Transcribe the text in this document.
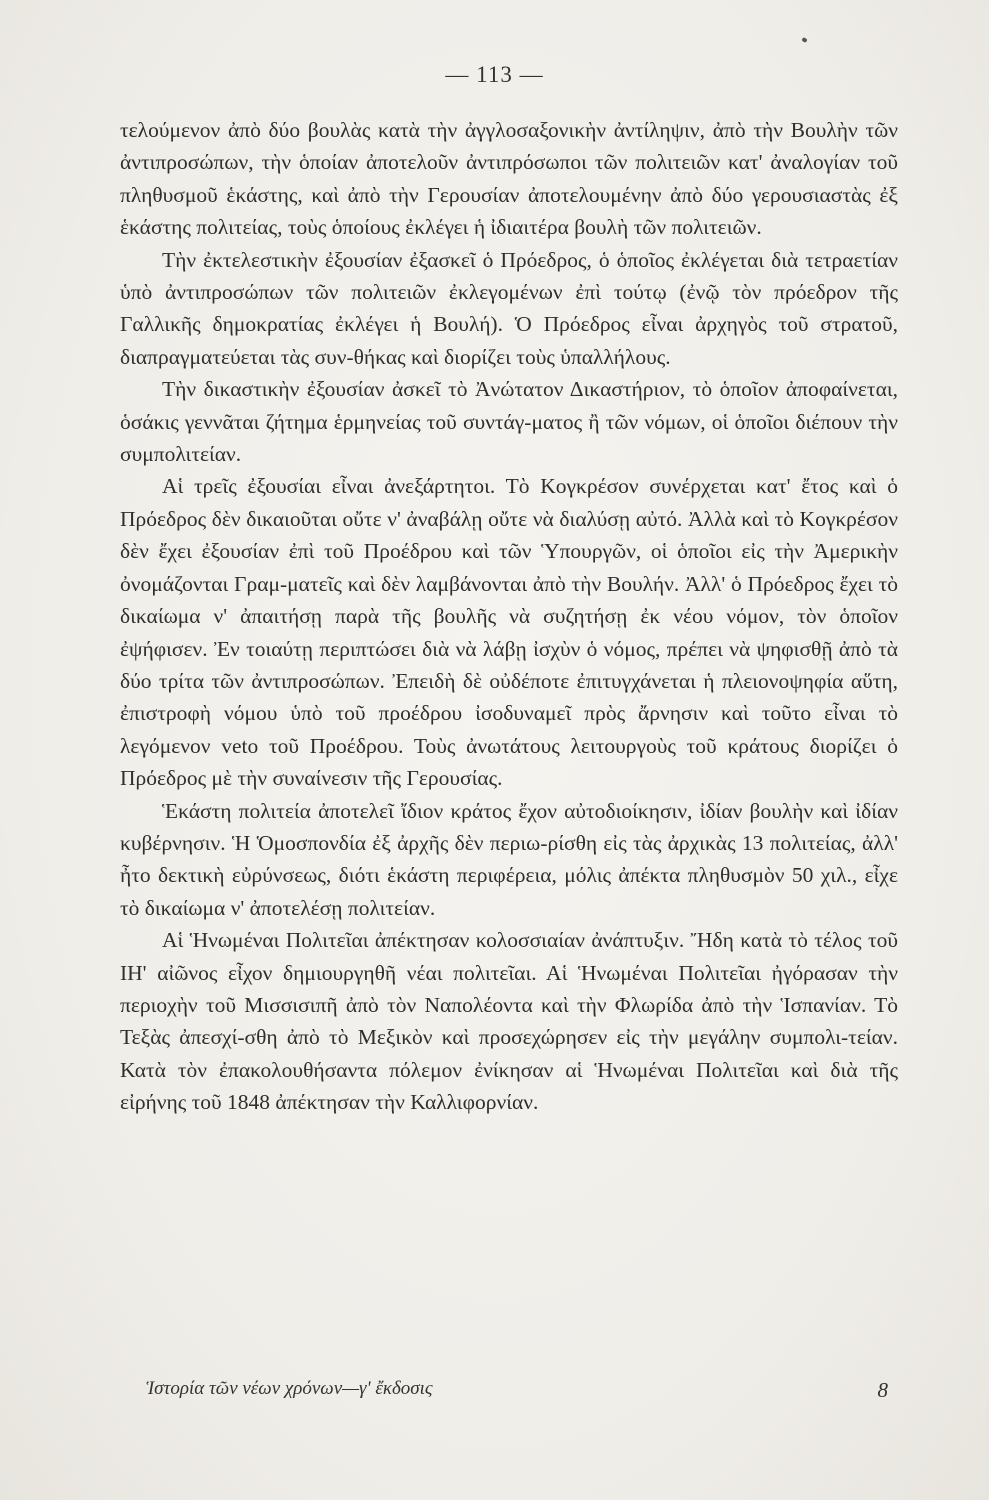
— 113 —

τελούμενον ἀπὸ δύο βουλὰς κατὰ τὴν ἀγγλοσαξονικὴν ἀντίληψιν, ἀπὸ τὴν Βουλὴν τῶν ἀντιπροσώπων, τὴν ὁποίαν ἀποτελοῦν ἀντιπρόσωποι τῶν πολιτειῶν κατ' ἀναλογίαν τοῦ πληθυσμοῦ ἑκάστης, καὶ ἀπὸ τὴν Γερουσίαν ἀποτελουμένην ἀπὸ δύο γερουσιαστὰς ἐξ ἑκάστης πολιτείας, τοὺς ὁποίους ἐκλέγει ἡ ἰδιαιτέρα βουλὴ τῶν πολιτειῶν.

Τὴν ἐκτελεστικὴν ἐξουσίαν ἐξασκεῖ ὁ Πρόεδρος, ὁ ὁποῖος ἐκλέγεται διὰ τετραετίαν ὑπὸ ἀντιπροσώπων τῶν πολιτειῶν ἐκλεγομένων ἐπὶ τούτῳ (ἐνῷ τὸν πρόεδρον τῆς Γαλλικῆς δημοκρατίας ἐκλέγει ἡ Βουλή). Ὁ Πρόεδρος εἶναι ἀρχηγὸς τοῦ στρατοῦ, διαπραγματεύεται τὰς συν-θήκας καὶ διορίζει τοὺς ὑπαλλήλους.

Τὴν δικαστικὴν ἐξουσίαν ἀσκεῖ τὸ Ἀνώτατον Δικαστήριον, τὸ ὁποῖον ἀποφαίνεται, ὁσάκις γεννᾶται ζήτημα ἑρμηνείας τοῦ συντάγ-ματος ἢ τῶν νόμων, οἱ ὁποῖοι διέπουν τὴν συμπολιτείαν.

Αἱ τρεῖς ἐξουσίαι εἶναι ἀνεξάρτητοι. Τὸ Κογκρέσον συνέρχεται κατ' ἔτος καὶ ὁ Πρόεδρος δὲν δικαιοῦται οὔτε ν' ἀναβάλῃ οὔτε νὰ διαλύσῃ αὐτό. Ἀλλὰ καὶ τὸ Κογκρέσον δὲν ἔχει ἐξουσίαν ἐπὶ τοῦ Προέδρου καὶ τῶν Ὑπουργῶν, οἱ ὁποῖοι εἰς τὴν Ἀμερικὴν ὀνομάζονται Γραμ-ματεῖς καὶ δὲν λαμβάνονται ἀπὸ τὴν Βουλήν. Ἀλλ' ὁ Πρόεδρος ἔχει τὸ δικαίωμα ν' ἀπαιτήσῃ παρὰ τῆς βουλῆς νὰ συζητήσῃ ἐκ νέου νόμον, τὸν ὁποῖον ἐψήφισεν. Ἐν τοιαύτῃ περιπτώσει διὰ νὰ λάβῃ ἰσχὺν ὁ νόμος, πρέπει νὰ ψηφισθῇ ἀπὸ τὰ δύο τρίτα τῶν ἀντιπροσώπων. Ἐπειδὴ δὲ οὐδέποτε ἐπιτυγχάνεται ἡ πλειονοψηφία αὕτη, ἐπιστροφὴ νόμου ὑπὸ τοῦ προέδρου ἰσοδυναμεῖ πρὸς ἄρνησιν καὶ τοῦτο εἶναι τὸ λεγόμενον veto τοῦ Προέδρου. Τοὺς ἀνωτάτους λειτουργοὺς τοῦ κράτους διορίζει ὁ Πρόεδρος μὲ τὴν συναίνεσιν τῆς Γερουσίας.

Ἑκάστη πολιτεία ἀποτελεῖ ἴδιον κράτος ἔχον αὐτοδιοίκησιν, ἰδίαν βουλὴν καὶ ἰδίαν κυβέρνησιν. Ἡ Ὁμοσπονδία ἐξ ἀρχῆς δὲν περιω-ρίσθη εἰς τὰς ἀρχικὰς 13 πολιτείας, ἀλλ' ἦτο δεκτικὴ εὐρύνσεως, διότι ἑκάστη περιφέρεια, μόλις ἀπέκτα πληθυσμὸν 50 χιλ., εἶχε τὸ δικαίωμα ν' ἀποτελέσῃ πολιτείαν.

Αἱ Ἡνωμέναι Πολιτεῖαι ἀπέκτησαν κολοσσιαίαν ἀνάπτυξιν. Ἤδη κατὰ τὸ τέλος τοῦ ΙΗ' αἰῶνος εἶχον δημιουργηθῆ νέαι πολιτεῖαι. Αἱ Ἡνωμέναι Πολιτεῖαι ἠγόρασαν τὴν περιοχὴν τοῦ Μισσισιπῆ ἀπὸ τὸν Ναπολέοντα καὶ τὴν Φλωρίδα ἀπὸ τὴν Ἱσπανίαν. Τὸ Τεξὰς ἀπεσχί-σθη ἀπὸ τὸ Μεξικὸν καὶ προσεχώρησεν εἰς τὴν μεγάλην συμπολι-τείαν. Κατὰ τὸν ἐπακολουθήσαντα πόλεμον ἐνίκησαν αἱ Ἡνωμέναι Πολιτεῖαι καὶ διὰ τῆς εἰρήνης τοῦ 1848 ἀπέκτησαν τὴν Καλλιφορνίαν.

Ἱστορία τῶν νέων χρόνων—γ' ἔκδοσις	8
